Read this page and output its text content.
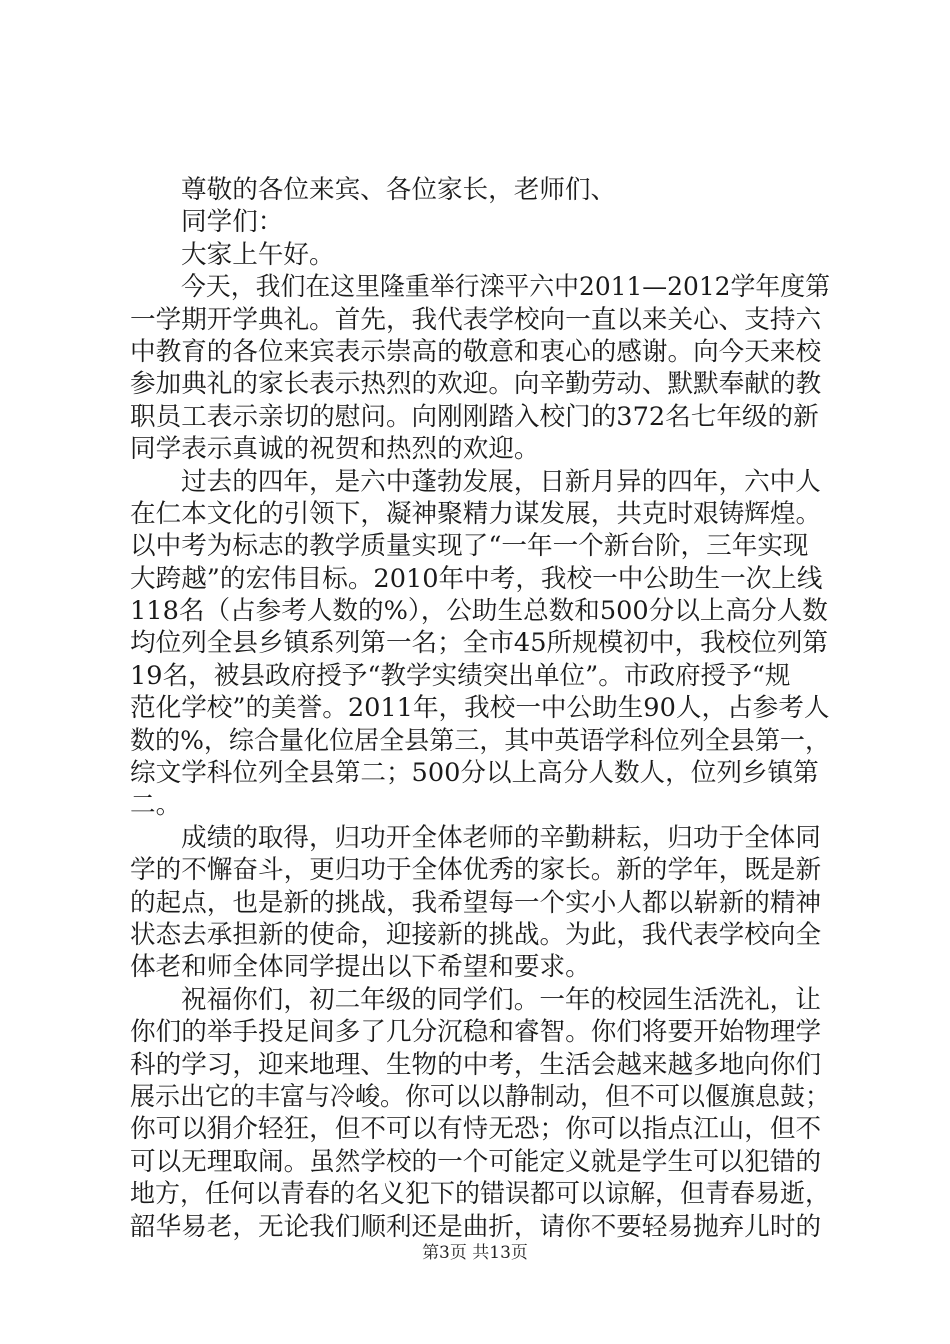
尊敬的各位来宾、各位家长，老师们、
同学们：
大家上午好。
今天，我们在这里隆重举行滦平六中2011—2012学年度第
一学期开学典礼。首先，我代表学校向一直以来关心、支持六
中教育的各位来宾表示崇高的敬意和衷心的感谢。向今天来校
参加典礼的家长表示热烈的欢迎。向辛勤劳动、默默奉献的教
职员工表示亲切的慰问。向刚刚踏入校门的372名七年级的新
同学表示真诚的祝贺和热烈的欢迎。
过去的四年，是六中蓬勃发展，日新月异的四年，六中人
在仁本文化的引领下，凝神聚精力谋发展，共克时艰铸辉煌。
以中考为标志的教学质量实现了“一年一个新台阶，三年实现
大跨越”的宏伟目标。2010年中考，我校一中公助生一次上线
118名（占参考人数的%），公助生总数和500分以上高分人数
均位列全县乡镇系列第一名；全市45所规模初中，我校位列第
19名，被县政府授予“教学实绩突出单位”。市政府授予“规
范化学校”的美誉。2011年，我校一中公助生90人，占参考人
数的%，综合量化位居全县第三，其中英语学科位列全县第一，
综文学科位列全县第二；500分以上高分人数人，位列乡镇第
二。
成绩的取得，归功开全体老师的辛勤耕耘，归功于全体同
学的不懈奋斗，更归功于全体优秀的家长。新的学年，既是新
的起点，也是新的挑战，我希望每一个实小人都以崭新的精神
状态去承担新的使命，迎接新的挑战。为此，我代表学校向全
体老和师全体同学提出以下希望和要求。
祝福你们，初二年级的同学们。一年的校园生活洗礼，让
你们的举手投足间多了几分沉稳和睿智。你们将要开始物理学
科的学习，迎来地理、生物的中考，生活会越来越多地向你们
展示出它的丰富与冷峻。你可以以静制动，但不可以偃旗息鼓；
你可以狷介轻狂，但不可以有恃无恐；你可以指点江山，但不
可以无理取闹。虽然学校的一个可能定义就是学生可以犯错的
地方，任何以青春的名义犯下的错误都可以谅解，但青春易逝，
韶华易老，无论我们顺利还是曲折，请你不要轻易抛弃儿时的
第3页 共13页
